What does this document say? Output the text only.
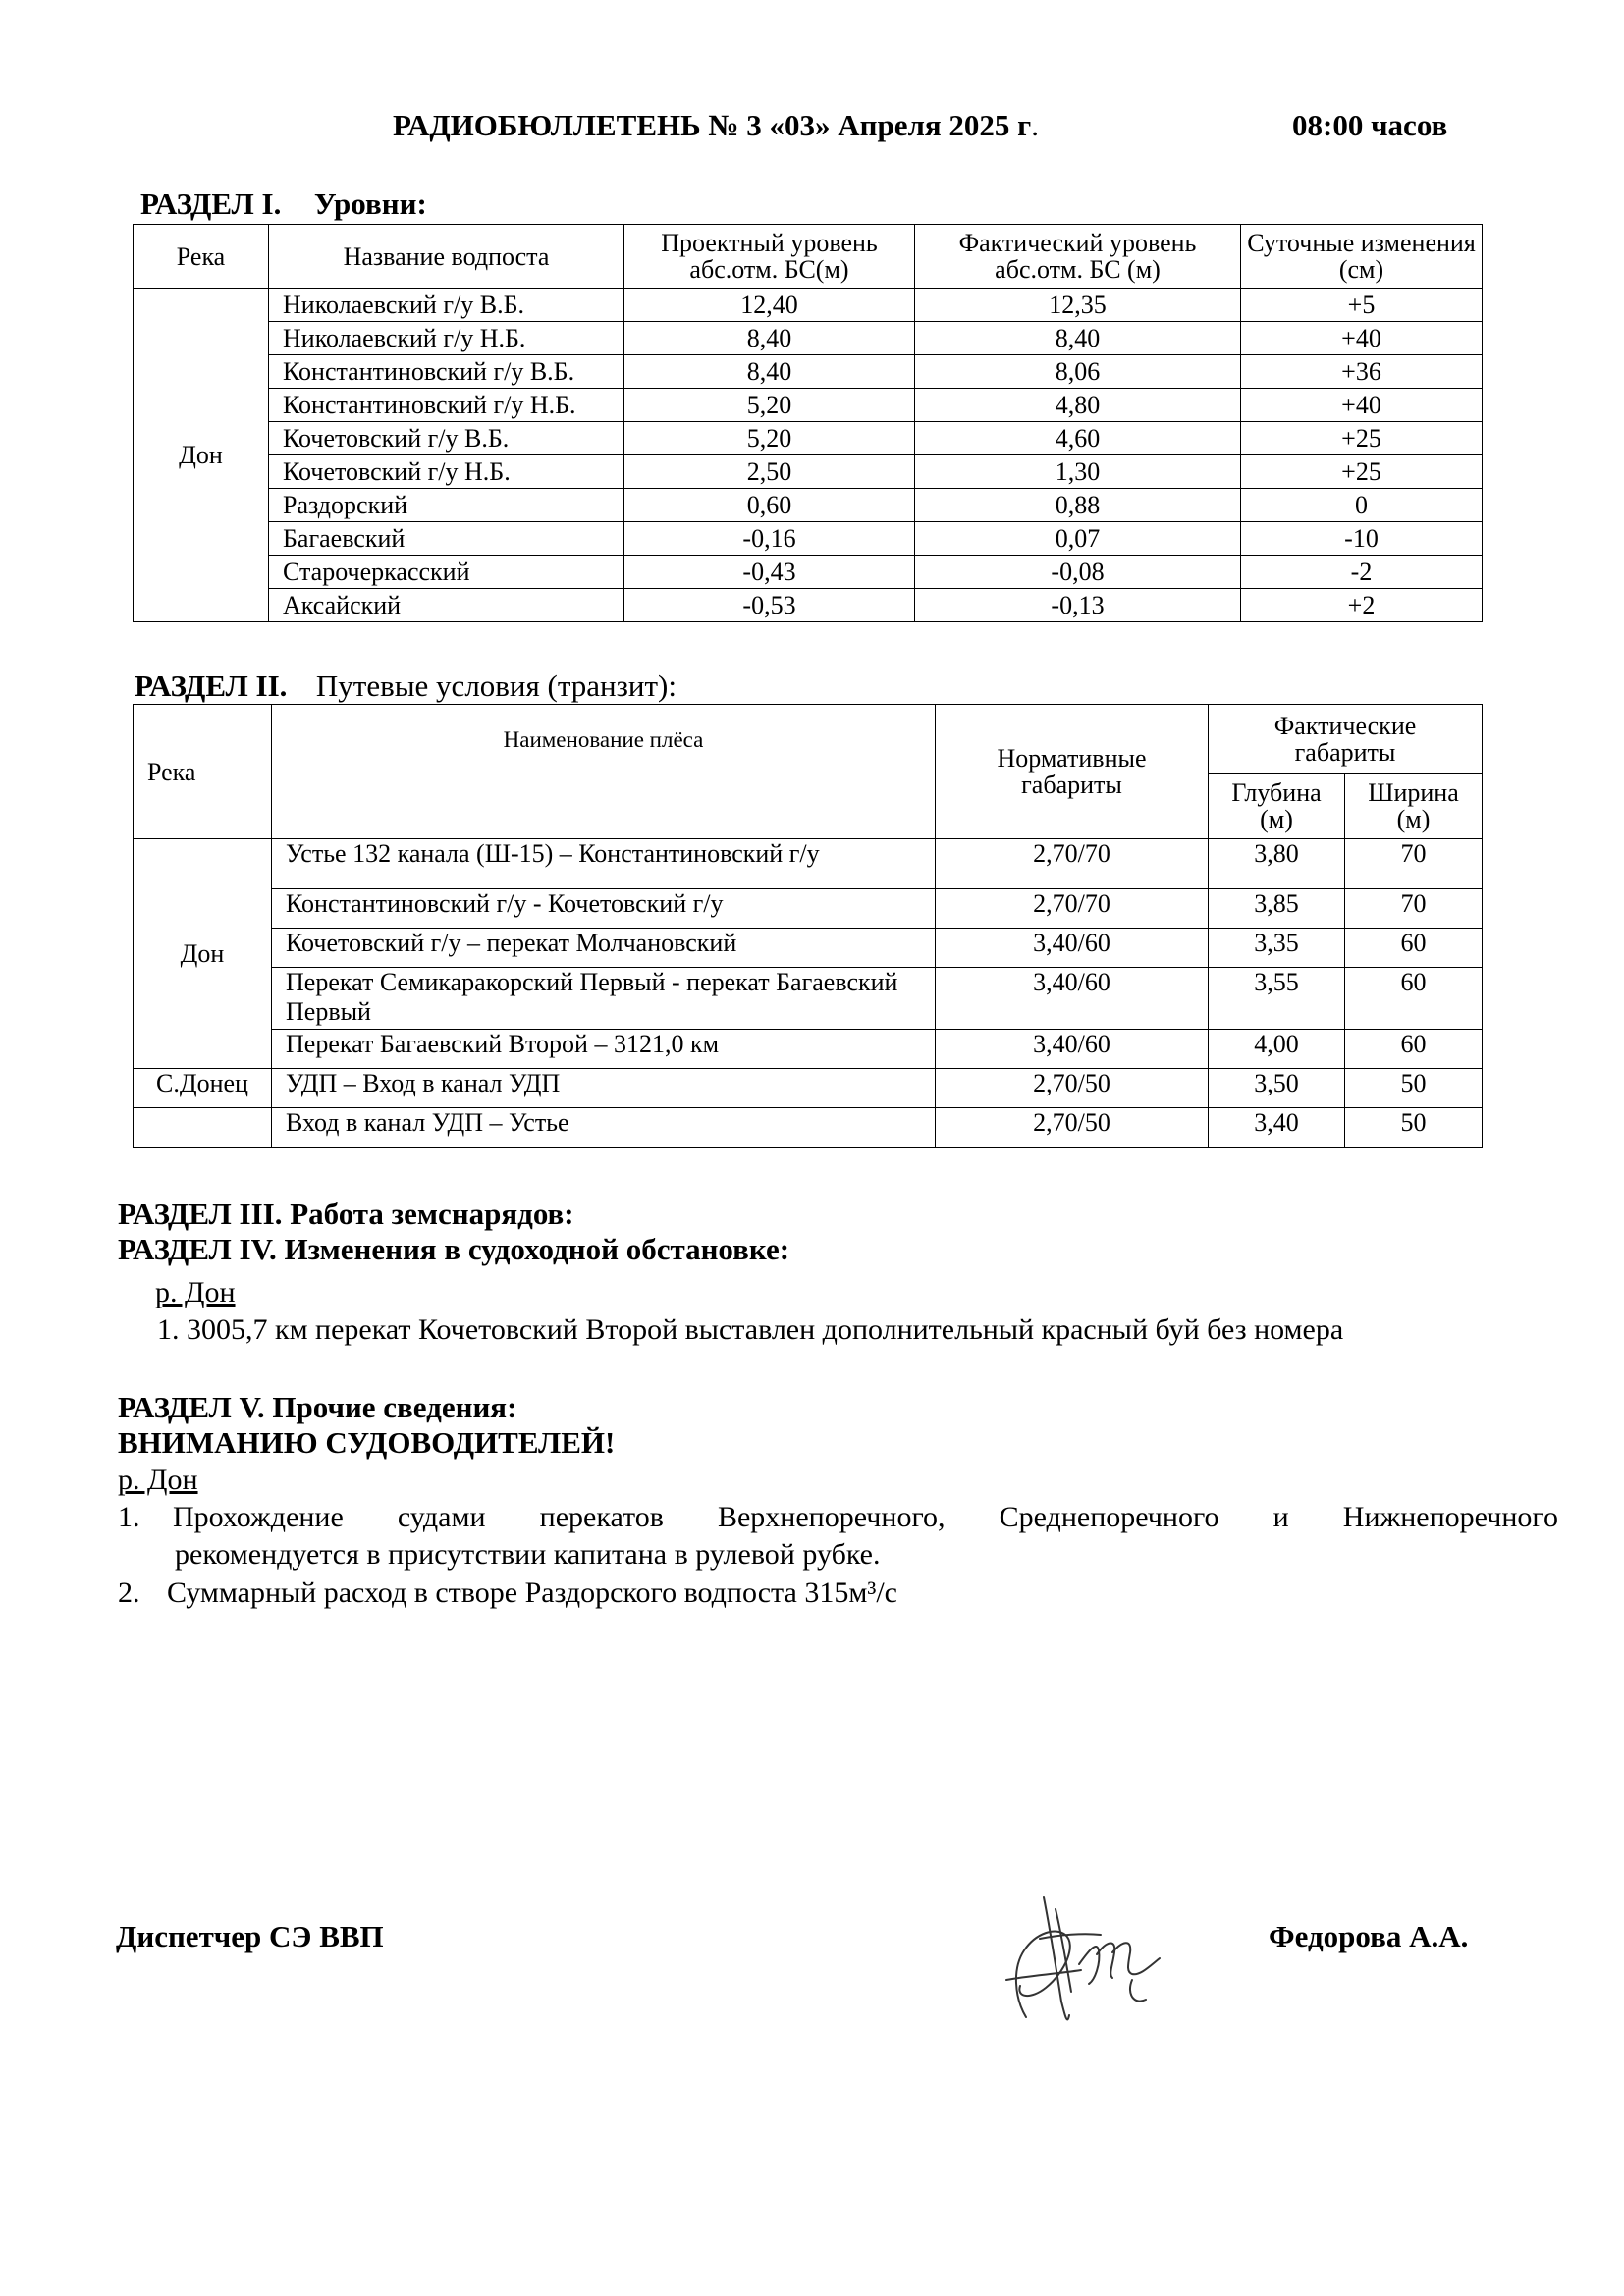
РАДИОБЮЛЛЕТЕНЬ № 3 «03» Апреля 2025 г.	08:00 часов
РАЗДЕЛ I. Уровни:
Река	Название водпоста	Проектный уровень абс.отм. БС(м)	Фактический уровень абс.отм. БС (м)	Суточные изменения (см)
Дон	Николаевский г/у В.Б.	12,40	12,35	+5
	Николаевский г/у Н.Б.	8,40	8,40	+40
	Константиновский г/у В.Б.	8,40	8,06	+36
	Константиновский г/у Н.Б.	5,20	4,80	+40
	Кочетовский г/у В.Б.	5,20	4,60	+25
	Кочетовский г/у Н.Б.	2,50	1,30	+25
	Раздорский	0,60	0,88	0
	Багаевский	-0,16	0,07	-10
	Старочеркасский	-0,43	-0,08	-2
	Аксайский	-0,53	-0,13	+2
РАЗДЕЛ II. Путевые условия (транзит):
Река	Наименование плёса	Нормативные габариты	Фактические габариты	
			Глубина (м)	Ширина (м)
Дон	Устье 132 канала (Ш-15) – Константиновский г/у	2,70/70	3,80	70
	Константиновский г/у - Кочетовский г/у	2,70/70	3,85	70
	Кочетовский г/у – перекат Молчановский	3,40/60	3,35	60
	Перекат Семикаракорский Первый - перекат Багаевский Первый	3,40/60	3,55	60
	Перекат Багаевский Второй – 3121,0 км	3,40/60	4,00	60
С.Донец	УДП – Вход в канал УДП	2,70/50	3,50	50
	Вход в канал УДП – Устье	2,70/50	3,40	50
РАЗДЕЛ III. Работа земснарядов:
РАЗДЕЛ IV. Изменения в судоходной обстановке:
р. Дон
1. 3005,7 км перекат Кочетовский Второй выставлен дополнительный красный буй без номера
РАЗДЕЛ V. Прочие сведения:
ВНИМАНИЮ СУДОВОДИТЕЛЕЙ!
р. Дон
1. Прохождение судами перекатов Верхнепоречного, Среднепоречного и Нижнепоречного
рекомендуется в присутствии капитана в рулевой рубке.
2. Суммарный расход в створе Раздорского водпоста 315м³/с
Диспетчер СЭ ВВП	Федорова А.А.
